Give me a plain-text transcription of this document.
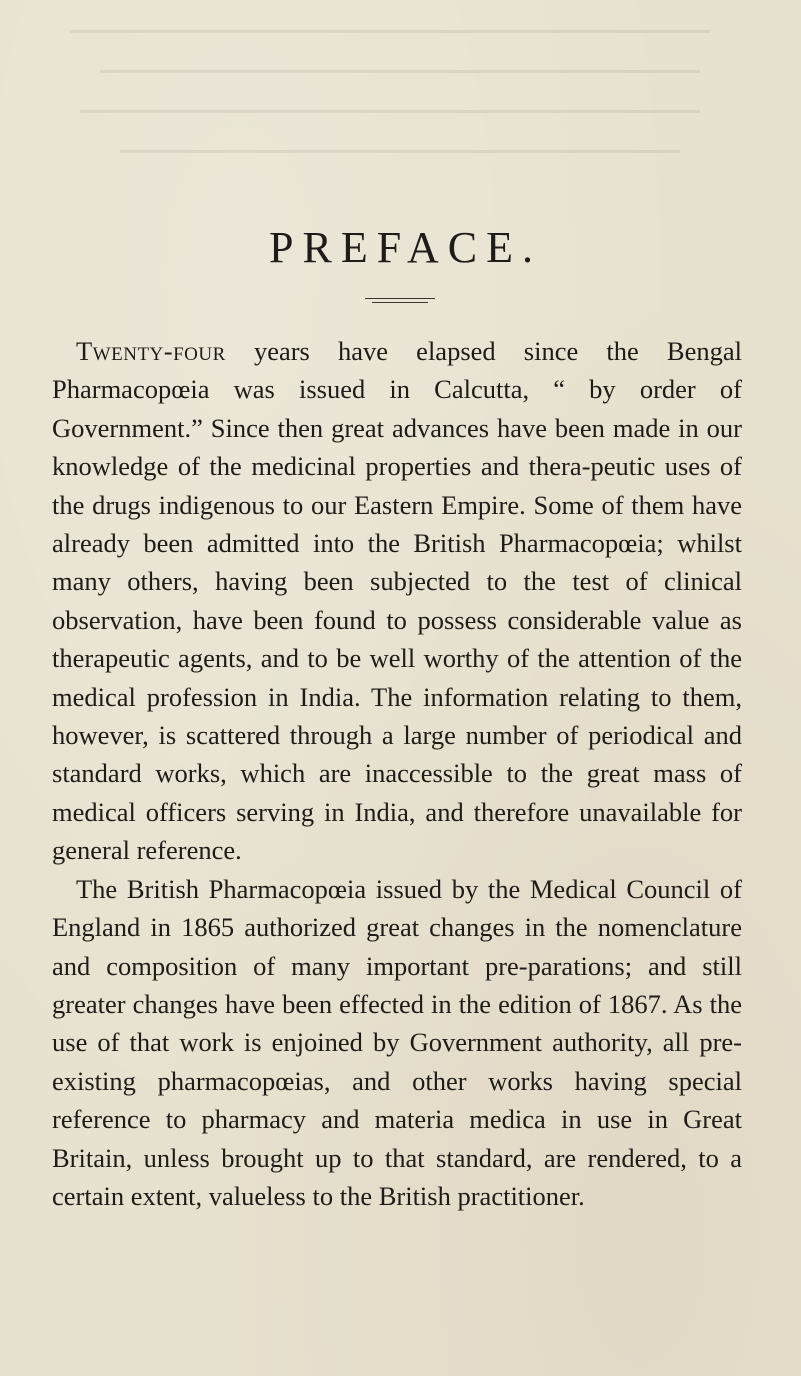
PREFACE.

Twenty-four years have elapsed since the Bengal Pharmacopœia was issued in Calcutta, “ by order of Government.” Since then great advances have been made in our knowledge of the medicinal properties and thera-peutic uses of the drugs indigenous to our Eastern Empire. Some of them have already been admitted into the British Pharmacopœia; whilst many others, having been subjected to the test of clinical observation, have been found to possess considerable value as therapeutic agents, and to be well worthy of the attention of the medical profession in India. The information relating to them, however, is scattered through a large number of periodical and standard works, which are inaccessible to the great mass of medical officers serving in India, and therefore unavailable for general reference.

The British Pharmacopœia issued by the Medical Council of England in 1865 authorized great changes in the nomenclature and composition of many important pre-parations; and still greater changes have been effected in the edition of 1867. As the use of that work is enjoined by Government authority, all pre-existing pharmacopœias, and other works having special reference to pharmacy and materia medica in use in Great Britain, unless brought up to that standard, are rendered, to a certain extent, valueless to the British practitioner.
